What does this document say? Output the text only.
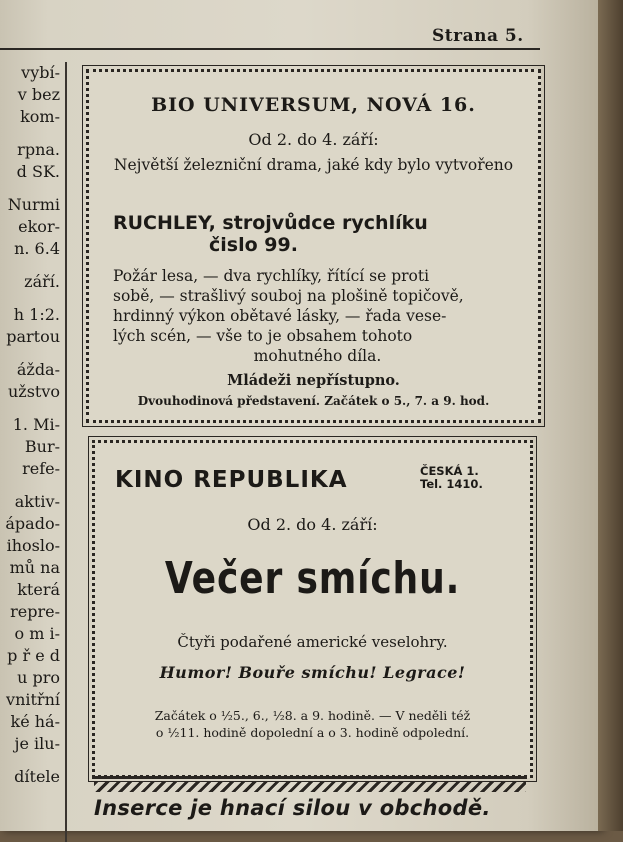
Strana 5.
vybí-
v bez
kom-
rpna.
d SK.
Nurmi
ekor-
n. 6.4
září.
h 1:2.
partou
áždа-
užstvo
1. Mi-
Bur-
refe-
aktiv-
ápado-
ihoslo-
mů na
která
repre-
o m i-
p ř e d
u pro
vnitřní
ké há-
je ilu-
dítele
BIO UNIVERSUM, NOVÁ 16.
Od 2. do 4. září:
Největší železniční drama, jaké kdy bylo vytvořeno
RUCHLEY, strojvůdce rychlíku
čislo 99.
Požár lesa, — dva rychlíky, řítící se proti
sobě, — strašlivý souboj na plošině topičově,
hrdinný výkon obětavé lásky, — řada vese-
lých scén, — vše to je obsahem tohoto
mohutného díla.
Mládeži nepřístupno.
Dvouhodinová představení. Začátek o 5., 7. a 9. hod.
KINO REPUBLIKA	ČESKÁ 1.
Tel. 1410.
Od 2. do 4. září:
Večer smíchu.
Čtyři podařené americké veselohry.
Humor! Bouře smíchu! Legrace!
Začátek o ½5., 6., ½8. a 9. hodině. — V neděli též
o ½11. hodině dopolední a o 3. hodině odpolední.
Inserce je hnací silou v obchodě.
